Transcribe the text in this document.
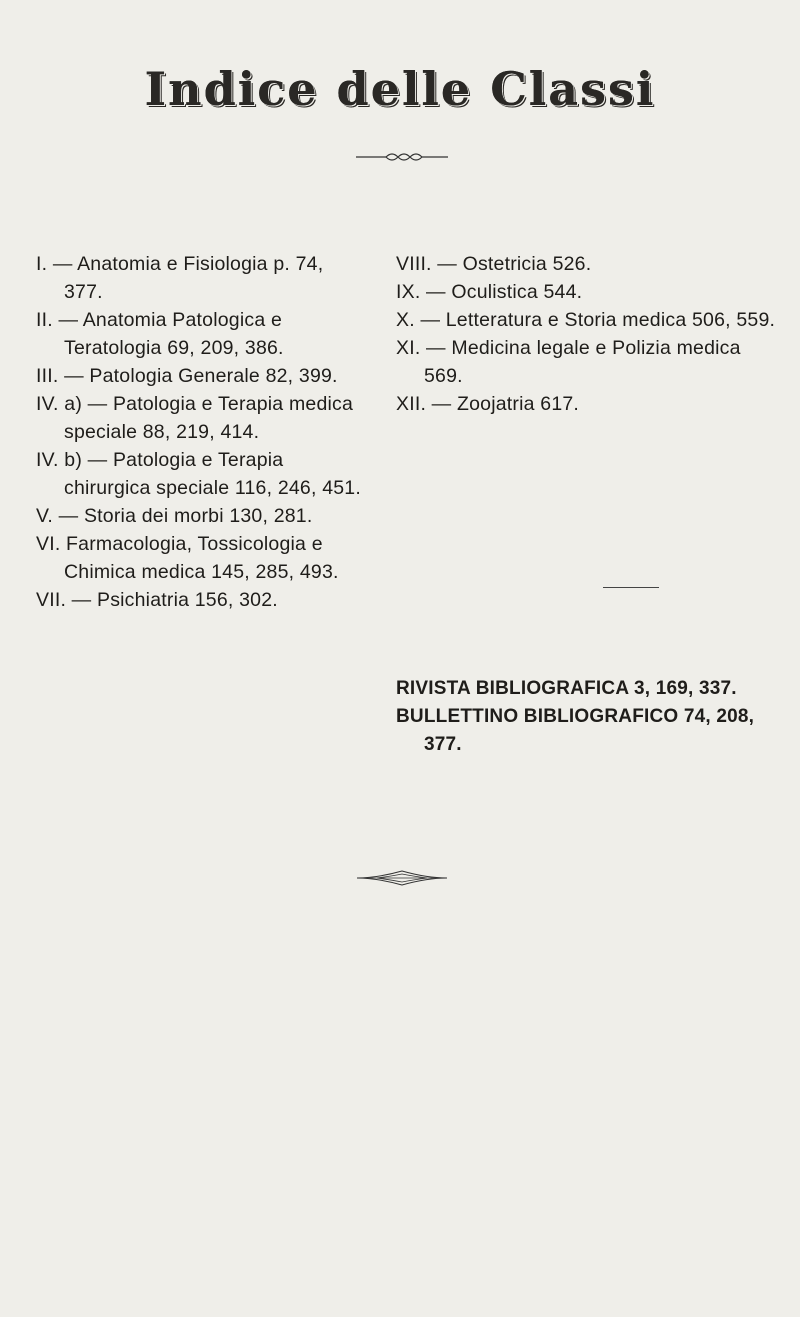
Indice delle Classi

I. — Anatomia e Fisiologia p. 74, 377.

II. — Anatomia Patologica e Teratologia 69, 209, 386.

III. — Patologia Generale 82, 399.

IV. a) — Patologia e Terapia medica speciale 88, 219, 414.

IV. b) — Patologia e Terapia chirurgica speciale 116, 246, 451.

V. — Storia dei morbi 130, 281.

VI. Farmacologia, Tossicologia e Chimica medica 145, 285, 493.

VII. — Psichiatria 156, 302.

VIII. — Ostetricia 526.

IX. — Oculistica 544.

X. — Letteratura e Storia medica 506, 559.

XI. — Medicina legale e Polizia medica 569.

XII. — Zoojatria 617.

RIVISTA BIBLIOGRAFICA 3, 169, 337.

BULLETTINO BIBLIOGRAFICO 74, 208, 377.
